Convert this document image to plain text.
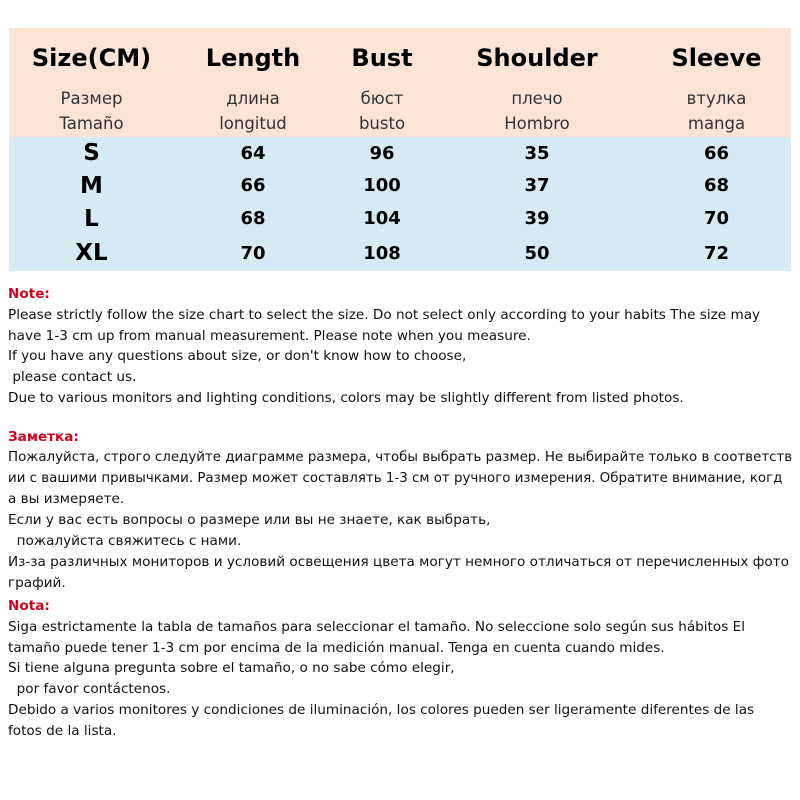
Size(CM)	Length	Bust	Shoulder	Sleeve
Размер	длина	бюст	плечо	втулка
Tamaño	longitud	busto	Hombro	manga
S	64	96	35	66
M	66	100	37	68
L	68	104	39	70
XL	70	108	50	72
Note:
Please strictly follow the size chart to select the size. Do not select only according to your habits The size may
have 1-3 cm up from manual measurement. Please note when you measure.
If you have any questions about size, or don't know how to choose,
please contact us.
Due to various monitors and lighting conditions, colors may be slightly different from listed photos.
Заметка:
Пожалуйста, строго следуйте диаграмме размера, чтобы выбрать размер. Не выбирайте только в соответств
ии с вашими привычками. Размер может составлять 1-3 см от ручного измерения. Обратите внимание, когд
а вы измеряете.
Если у вас есть вопросы о размере или вы не знаете, как выбрать,
пожалуйста свяжитесь с нами.
Из-за различных мониторов и условий освещения цвета могут немного отличаться от перечисленных фото
графий.
Nota:
Siga estrictamente la tabla de tamaños para seleccionar el tamaño. No seleccione solo según sus hábitos El
tamaño puede tener 1-3 cm por encima de la medición manual. Tenga en cuenta cuando mides.
Si tiene alguna pregunta sobre el tamaño, o no sabe cómo elegir,
por favor contáctenos.
Debido a varios monitores y condiciones de iluminación, los colores pueden ser ligeramente diferentes de las
fotos de la lista.
